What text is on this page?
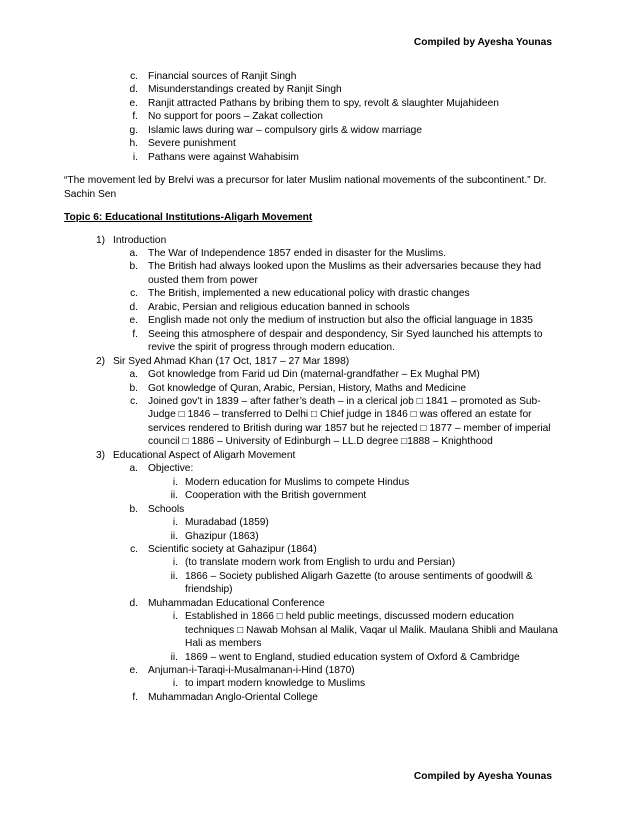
Compiled by Ayesha Younas
c. Financial sources of Ranjit Singh
d. Misunderstandings created by Ranjit Singh
e. Ranjit attracted Pathans by bribing them to spy, revolt & slaughter Mujahideen
f. No support for poors – Zakat collection
g. Islamic laws during war – compulsory girls & widow marriage
h. Severe punishment
i. Pathans were against Wahabisim
“The movement led by Brelvi was a precursor for later Muslim national movements of the subcontinent.” Dr. Sachin Sen
Topic 6: Educational Institutions-Aligarh Movement
1) Introduction
a. The War of Independence 1857 ended in disaster for the Muslims.
b. The British had always looked upon the Muslims as their adversaries because they had ousted them from power
c. The British, implemented a new educational policy with drastic changes
d. Arabic, Persian and religious education banned in schools
e. English made not only the medium of instruction but also the official language in 1835
f. Seeing this atmosphere of despair and despondency, Sir Syed launched his attempts to revive the spirit of progress through modern education.
2) Sir Syed Ahmad Khan (17 Oct, 1817 – 27 Mar 1898)
a. Got knowledge from Farid ud Din (maternal-grandfather – Ex Mughal PM)
b. Got knowledge of Quran, Arabic, Persian, History, Maths and Medicine
c. Joined gov’t in 1839 – after father’s death – in a clerical job □ 1841 – promoted as Sub-Judge □ 1846 – transferred to Delhi □ Chief judge in 1846 □ was offered an estate for services rendered to British during war 1857 but he rejected □ 1877 – member of imperial council □ 1886 – University of Edinburgh – LL.D degree □1888 – Knighthood
3) Educational Aspect of Aligarh Movement
a. Objective:
i. Modern education for Muslims to compete Hindus
ii. Cooperation with the British government
b. Schools
i. Muradabad (1859)
ii. Ghazipur (1863)
c. Scientific society at Gahazipur (1864)
i. (to translate modern work from English to urdu and Persian)
ii. 1866 – Society published Aligarh Gazette (to arouse sentiments of goodwill & friendship)
d. Muhammadan Educational Conference
i. Established in 1866 □ held public meetings, discussed modern education techniques □ Nawab Mohsan al Malik, Vaqar ul Malik. Maulana Shibli and Maulana Hali as members
ii. 1869 – went to England, studied education system of Oxford & Cambridge
e. Anjuman-i-Taraqi-i-Musalmanan-i-Hind (1870)
i. to impart modern knowledge to Muslims
f. Muhammadan Anglo-Oriental College
Compiled by Ayesha Younas
